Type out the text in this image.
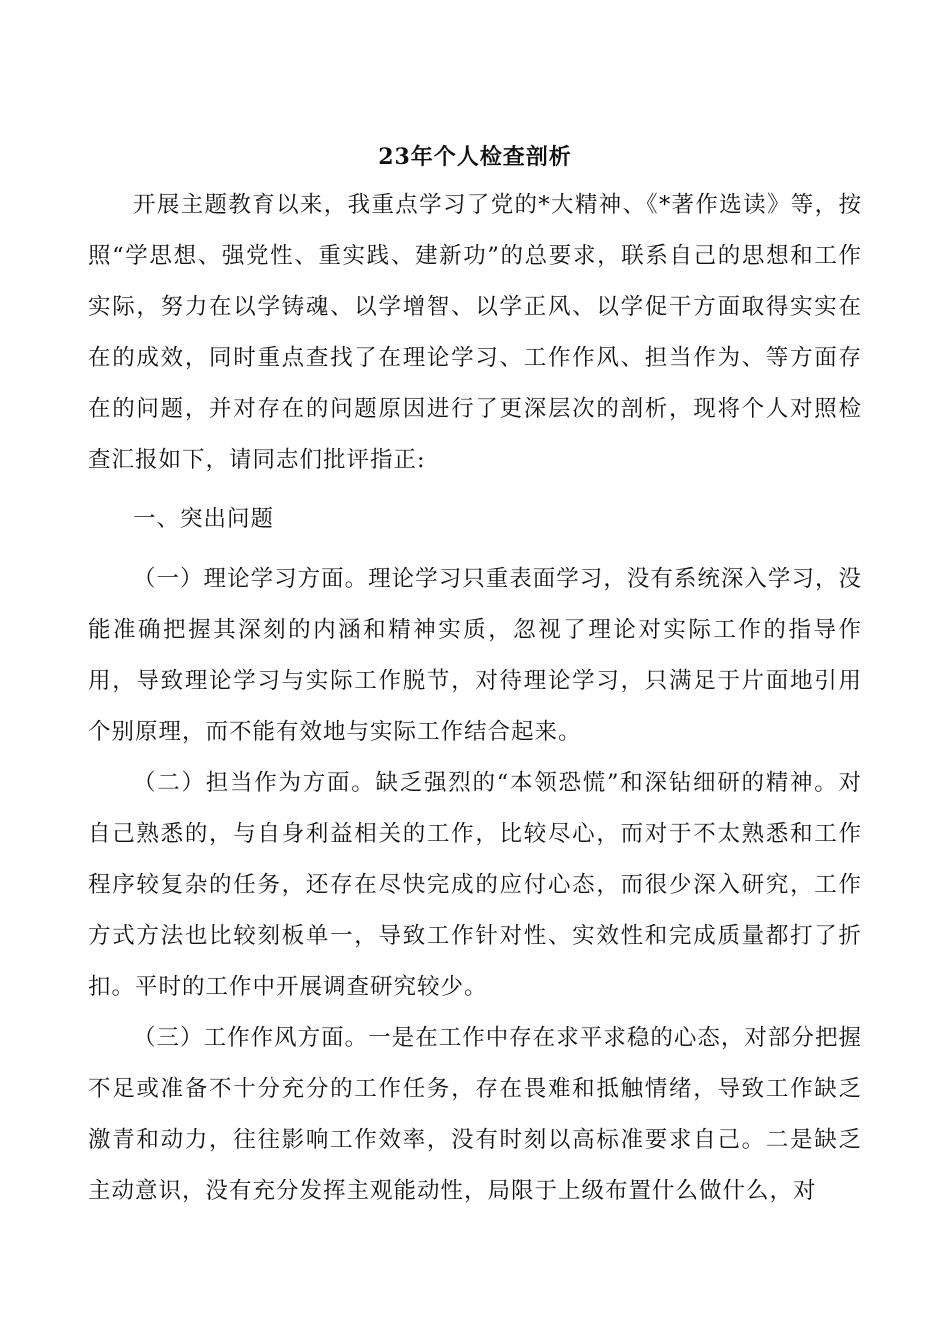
23年个人检查剖析

开展主题教育以来，我重点学习了党的*大精神、《*著作选读》等，按照“学思想、强党性、重实践、建新功”的总要求，联系自己的思想和工作实际，努力在以学铸魂、以学增智、以学正风、以学促干方面取得实实在在的成效，同时重点查找了在理论学习、工作作风、担当作为、等方面存在的问题，并对存在的问题原因进行了更深层次的剖析，现将个人对照检查汇报如下，请同志们批评指正:

一、突出问题

（一）理论学习方面。理论学习只重表面学习，没有系统深入学习，没能准确把握其深刻的内涵和精神实质，忽视了理论对实际工作的指导作用，导致理论学习与实际工作脱节，对待理论学习，只满足于片面地引用个别原理，而不能有效地与实际工作结合起来。

（二）担当作为方面。缺乏强烈的“本领恐慌”和深钻细研的精神。对自己熟悉的，与自身利益相关的工作，比较尽心，而对于不太熟悉和工作程序较复杂的任务，还存在尽快完成的应付心态，而很少深入研究，工作方式方法也比较刻板单一，导致工作针对性、实效性和完成质量都打了折扣。平时的工作中开展调查研究较少。

（三）工作作风方面。一是在工作中存在求平求稳的心态，对部分把握不足或准备不十分充分的工作任务，存在畏难和抵触情绪，导致工作缺乏激青和动力，往往影响工作效率，没有时刻以高标准要求自己。二是缺乏主动意识，没有充分发挥主观能动性，局限于上级布置什么做什么，对
